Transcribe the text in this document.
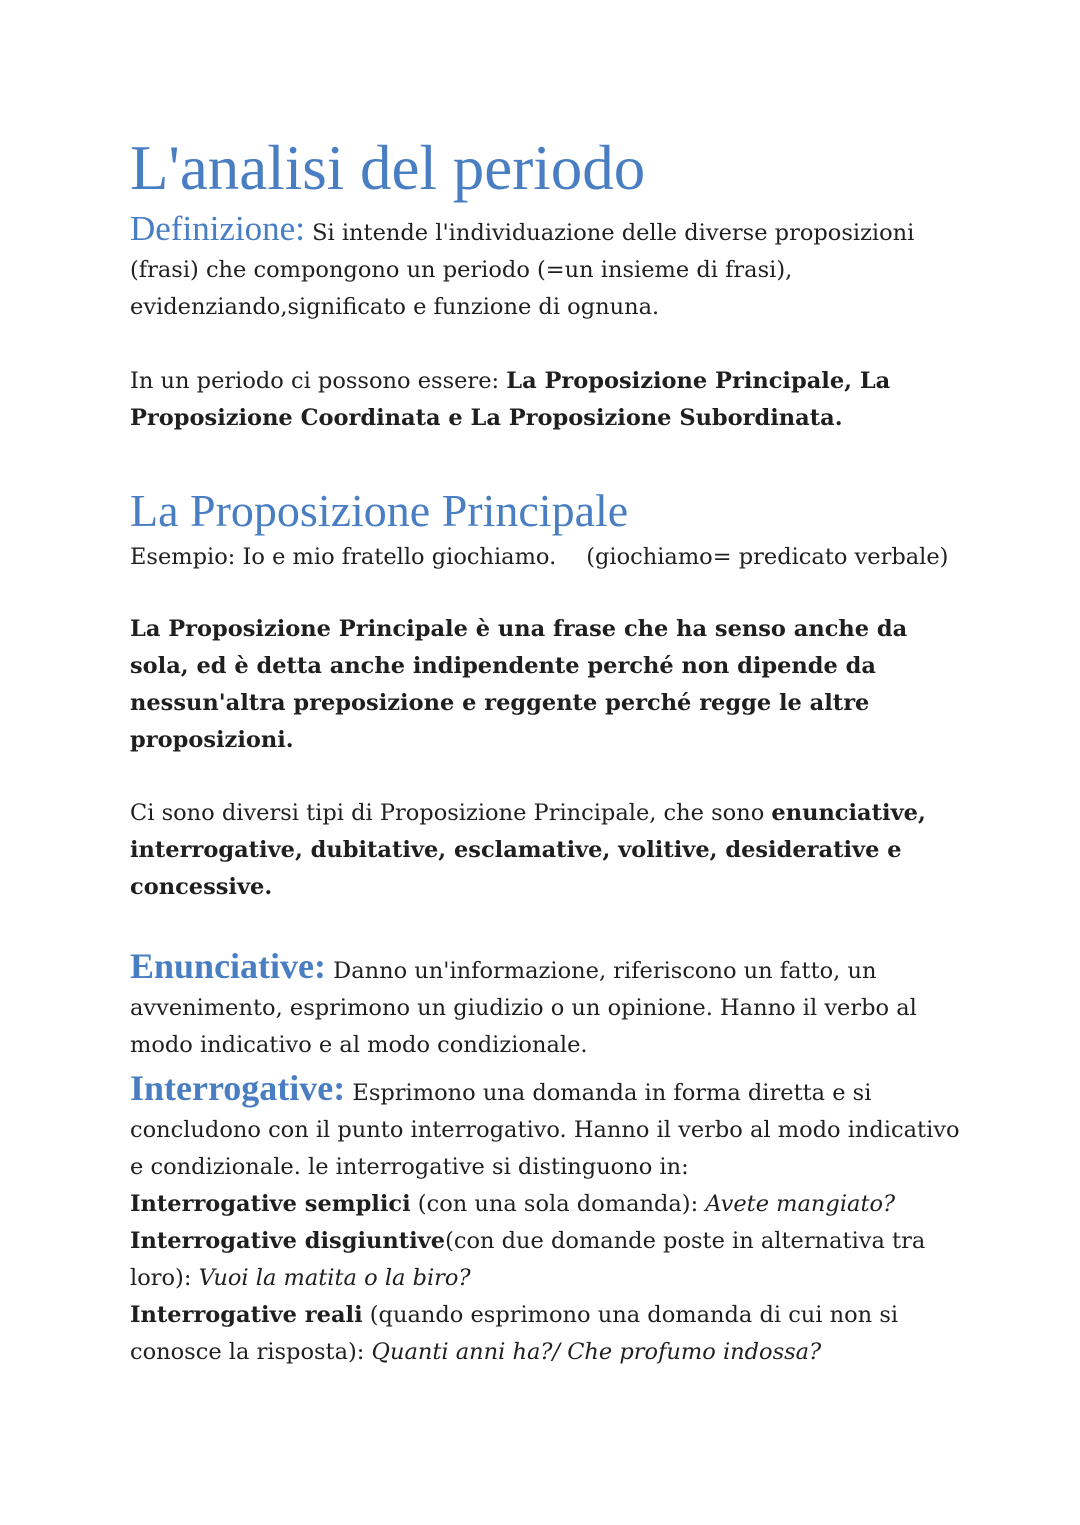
L'analisi del periodo

Definizione: Si intende l'individuazione delle diverse proposizioni (frasi) che compongono un periodo (=un insieme di frasi), evidenziando,significato e funzione di ognuna.

In un periodo ci possono essere: La Proposizione Principale, La Proposizione Coordinata e La Proposizione Subordinata.

La Proposizione Principale

Esempio: Io e mio fratello giochiamo. (giochiamo= predicato verbale)

La Proposizione Principale è una frase che ha senso anche da sola, ed è detta anche indipendente perché non dipende da nessun'altra preposizione e reggente perché regge le altre proposizioni.

Ci sono diversi tipi di Proposizione Principale, che sono enunciative, interrogative, dubitative, esclamative, volitive, desiderative e concessive.

Enunciative: Danno un'informazione, riferiscono un fatto, un avvenimento, esprimono un giudizio o un opinione. Hanno il verbo al modo indicativo e al modo condizionale.

Interrogative: Esprimono una domanda in forma diretta e si concludono con il punto interrogativo. Hanno il verbo al modo indicativo e condizionale. le interrogative si distinguono in:

Interrogative semplici (con una sola domanda): Avete mangiato?

Interrogative disgiuntive(con due domande poste in alternativa tra loro): Vuoi la matita o la biro?

Interrogative reali (quando esprimono una domanda di cui non si conosce la risposta): Quanti anni ha?/ Che profumo indossa?
